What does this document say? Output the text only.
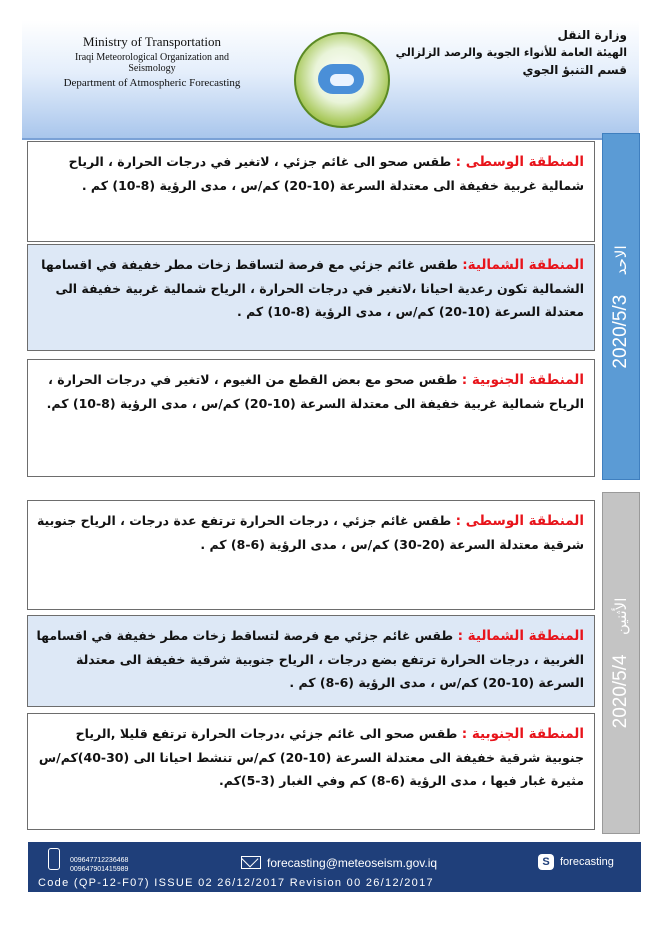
Ministry of Transportation
Iraqi Meteorological Organization and Seismology
Department of Atmospheric Forecasting
وزارة النقل
الهيئة العامة للأنواء الجوية والرصد الزلزالي
قسم التنبؤ الجوي
المنطقة الوسطى : طقس صحو الى غائم جزئي ، لاتغير في درجات الحرارة ، الرياح شمالية غربية خفيفة الى معتدلة السرعة (10-20) كم/س ، مدى الرؤية (8-10) كم .
المنطقة الشمالية: طقس غائم جزئي مع فرصة لتساقط زخات مطر خفيفة في اقسامها الشمالية تكون رعدية احيانا ،لاتغير في درجات الحرارة ، الرياح شمالية غربية خفيفة الى معتدلة السرعة (10-20) كم/س ، مدى الرؤية (8-10) كم .
المنطقة الجنوبية : طقس صحو مع بعض القطع من الغيوم ، لاتغير في درجات الحرارة ، الرياح شمالية غربية خفيفة الى معتدلة السرعة (10-20) كم/س ، مدى الرؤية (8-10) كم.
2020/5/3 الاحد
المنطقة الوسطى : طقس غائم جزئي ، درجات الحرارة ترتفع عدة درجات ، الرياح جنوبية شرقية معتدلة السرعة (20-30) كم/س ، مدى الرؤية (6-8) كم .
المنطقة الشمالية : طقس غائم جزئي مع فرصة لتساقط زخات مطر خفيفة في اقسامها الغربية ، درجات الحرارة ترتفع بضع درجات ، الرياح جنوبية شرقية خفيفة الى معتدلة السرعة (10-20) كم/س ، مدى الرؤية (6-8) كم .
المنطقة الجنوبية : طقس صحو الى غائم جزئي ،درجات الحرارة ترتفع قليلا ,الرياح جنوبية شرقية خفيفة الى معتدلة السرعة (10-20) كم/س تنشط احيانا الى (30-40)كم/س مثيرة غبار فيها ، مدى الرؤية (6-8) كم وفي الغبار (3-5)كم.
2020/5/4 الأثنين
009647712236468
009647901415989	forecasting@meteoseism.gov.iq	S forecasting
Code (QP-12-F07) ISSUE 02 26/12/2017 Revision 00 26/12/2017
